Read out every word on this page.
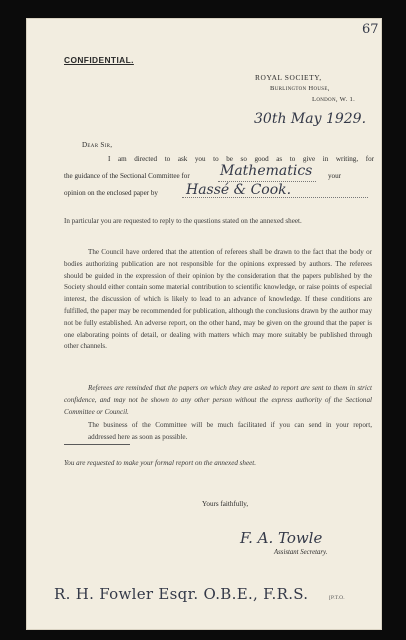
67
CONFIDENTIAL.
ROYAL SOCIETY,
Burlington House,
London, W. 1.
30th May 1929.
Dear Sir,
I am directed to ask you to be so good as to give in writing, for
the guidance of the Sectional Committee for Mathematics your
opinion on the enclosed paper by Hassé & Cook.
In particular you are requested to reply to the questions stated on the annexed sheet.
The Council have ordered that the attention of referees shall be drawn to the fact that the body or bodies authorizing publication are not responsible for the opinions expressed by authors. The referees should be guided in the expression of their opinion by the consideration that the papers published by the Society should either contain some material contribution to scientific knowledge, or raise points of especial interest, the discussion of which is likely to lead to an advance of knowledge. If these conditions are fulfilled, the paper may be recommended for publication, although the conclusions drawn by the author may not be fully established. An adverse report, on the other hand, may be given on the ground that the paper is one elaborating points of detail, or dealing with matters which may more suitably be published through other channels.
Referees are reminded that the papers on which they are asked to report are sent to them in strict confidence, and may not be shown to any other person without the express authority of the Sectional Committee or Council.
The business of the Committee will be much facilitated if you can send in your report, addressed here as soon as possible.
You are requested to make your formal report on the annexed sheet.
Yours faithfully,
F. A. Towle
Assistant Secretary.
R. H. Fowler Esqr. O.B.E., F.R.S.	[P.T.O.
